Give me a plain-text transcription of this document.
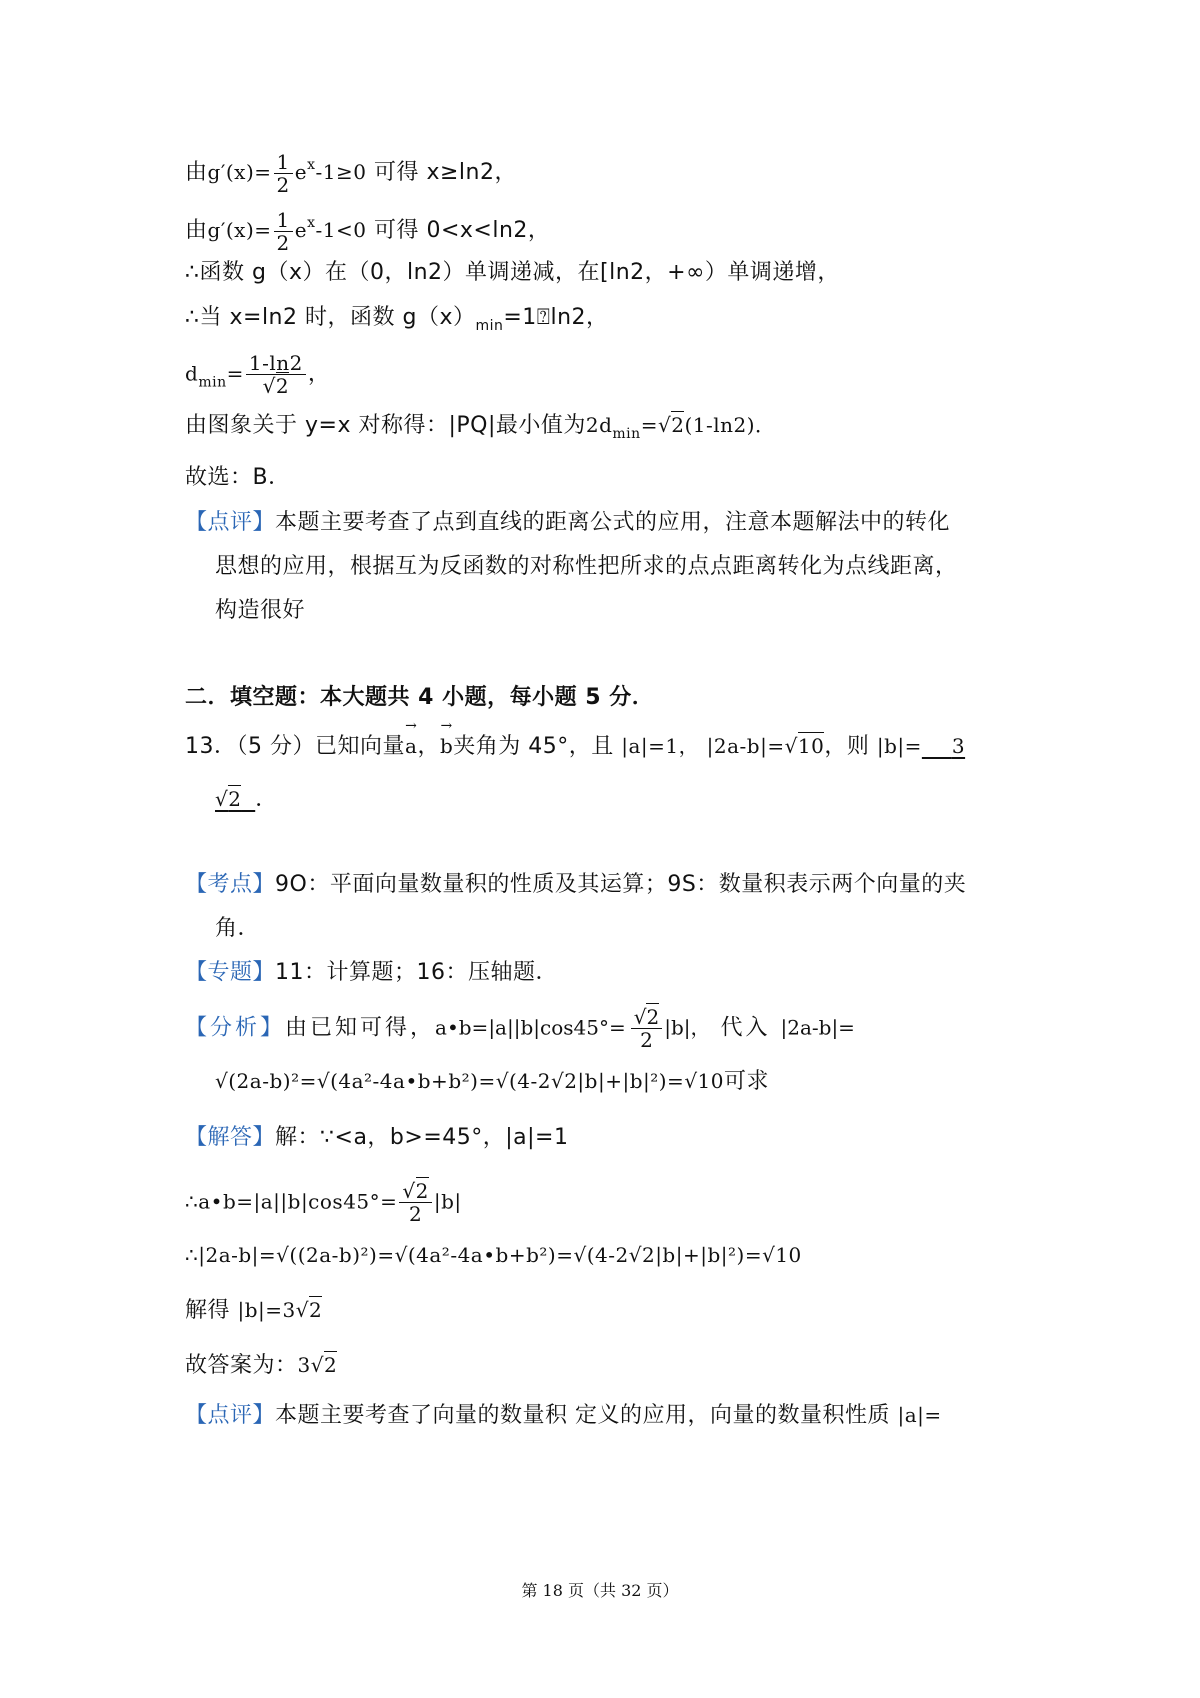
由$g'(x)= \frac{1}{2} e^x-1\ge 0$ 可得 x≥ln2，
由$g'(x)= \frac{1}{2} e^x-1<0$ 可得 0<x<ln2，
∴函数 g（x）在（0，ln2）单调递减，在[ln2，+∞）单调递增，
∴当 x=ln2 时，函数 $g(x)_{min}=1⍰\ln 2$，
$d_{min}= \frac{1-\ln 2}{√2}$ ，
由图象关于 y=x 对称得：|PQ|最小值为$2d_{min}=√2(1-\ln 2)$．
故选：B．
【点评】本题主要考查了点到直线的距离公式的应用，注意本题解法中的转化
思想的应用，根据互为反函数的对称性把所求的点点距离转化为点线距离，
构造很好
二．填空题：本大题共 4 小题，每小题 5 分．
13．（5 分）已知向量→ a，→ b夹角为 45°，且 |a|=1， |2a-b|=√10，则 |b|= 3
√2 ．
【考点】9O：平面向量数量积的性质及其运算；9S：数量积表示两个向量的夹
角．
【专题】11：计算题；16：压轴题．
【分析】由已知可得，a•b=|a||b|cos45°= $\frac{√2}{2} |b|$， 代入 |2a-b|=
√(2a-b)²=√(4a²-4a•b+b²)=√(4-2√2|b|+|b|²)=√10可求
【解答】解：∵<a，b>=45°，|a|=1
∴a•b=|a||b|cos45°= $\frac{√2}{2} |b|$
∴|2a-b|=√((2a-b)²)=√(4a²-4a•b+b²)=√(4-2√2|b|+|b|²)=√10
解得 |b|=3√2
故答案为：3√2
【点评】本题主要考查了向量的数量积 定义的应用，向量的数量积性质 |a|=
第 18 页（共 32 页）
